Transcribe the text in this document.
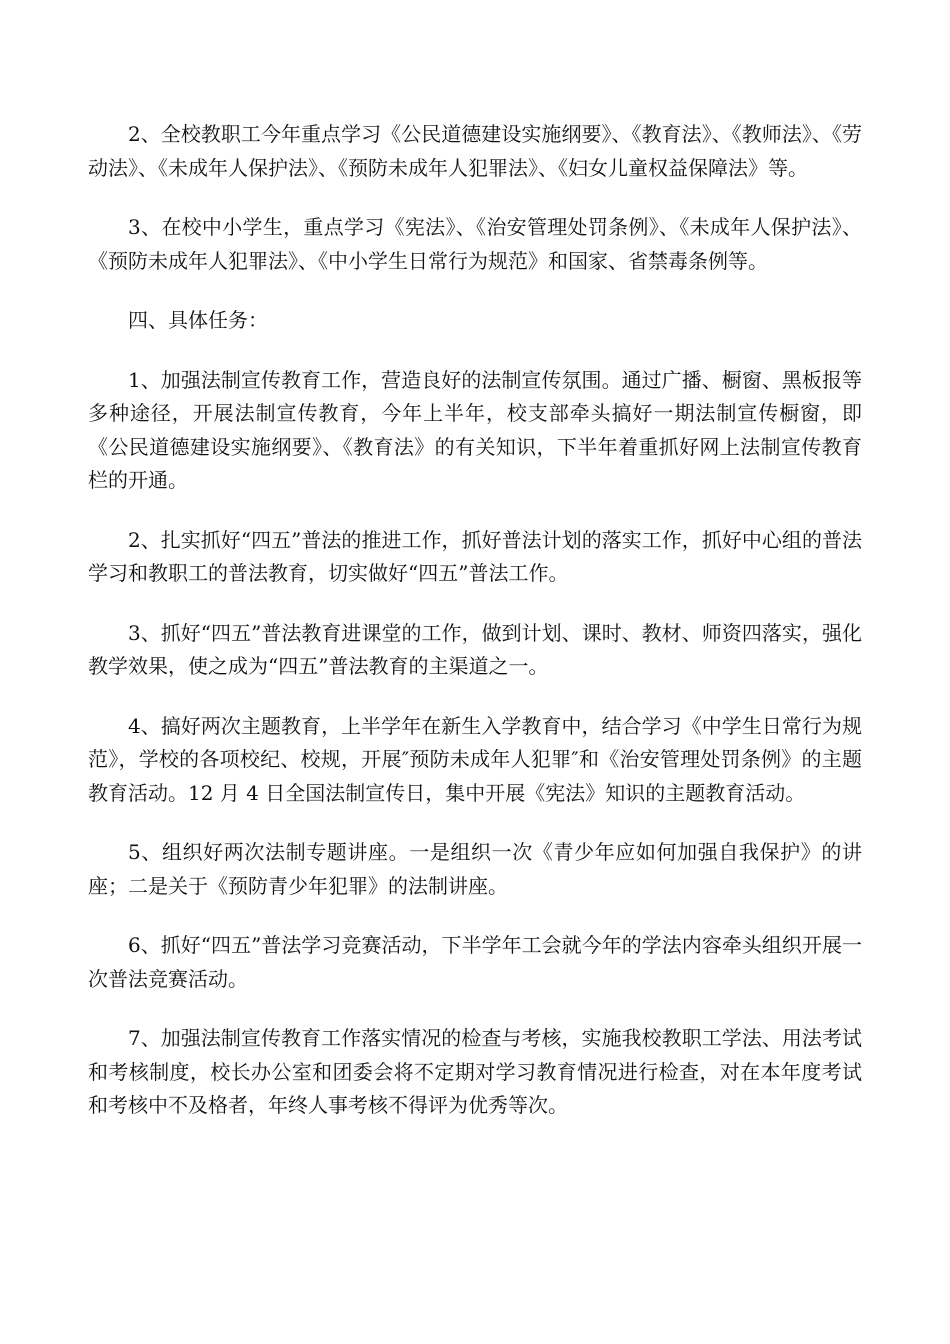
2、全校教职工今年重点学习《公民道德建设实施纲要》、《教育法》、《教师法》、《劳动法》、《未成年人保护法》、《预防未成年人犯罪法》、《妇女儿童权益保障法》等。

3、在校中小学生，重点学习《宪法》、《治安管理处罚条例》、《未成年人保护法》、《预防未成年人犯罪法》、《中小学生日常行为规范》和国家、省禁毒条例等。

四、具体任务：

1、加强法制宣传教育工作，营造良好的法制宣传氛围。通过广播、橱窗、黑板报等多种途径，开展法制宣传教育，今年上半年，校支部牵头搞好一期法制宣传橱窗，即《公民道德建设实施纲要》、《教育法》的有关知识，下半年着重抓好网上法制宣传教育栏的开通。

2、扎实抓好“四五”普法的推进工作，抓好普法计划的落实工作，抓好中心组的普法学习和教职工的普法教育，切实做好“四五”普法工作。

3、抓好“四五”普法教育进课堂的工作，做到计划、课时、教材、师资四落实，强化教学效果，使之成为“四五”普法教育的主渠道之一。

4、搞好两次主题教育，上半学年在新生入学教育中，结合学习《中学生日常行为规范》，学校的各项校纪、校规，开展″预防未成年人犯罪″和《治安管理处罚条例》的主题教育活动。12 月 4 日全国法制宣传日，集中开展《宪法》知识的主题教育活动。

5、组织好两次法制专题讲座。一是组织一次《青少年应如何加强自我保护》的讲座；二是关于《预防青少年犯罪》的法制讲座。

6、抓好“四五”普法学习竞赛活动，下半学年工会就今年的学法内容牵头组织开展一次普法竞赛活动。

7、加强法制宣传教育工作落实情况的检查与考核，实施我校教职工学法、用法考试和考核制度，校长办公室和团委会将不定期对学习教育情况进行检查，对在本年度考试和考核中不及格者，年终人事考核不得评为优秀等次。
